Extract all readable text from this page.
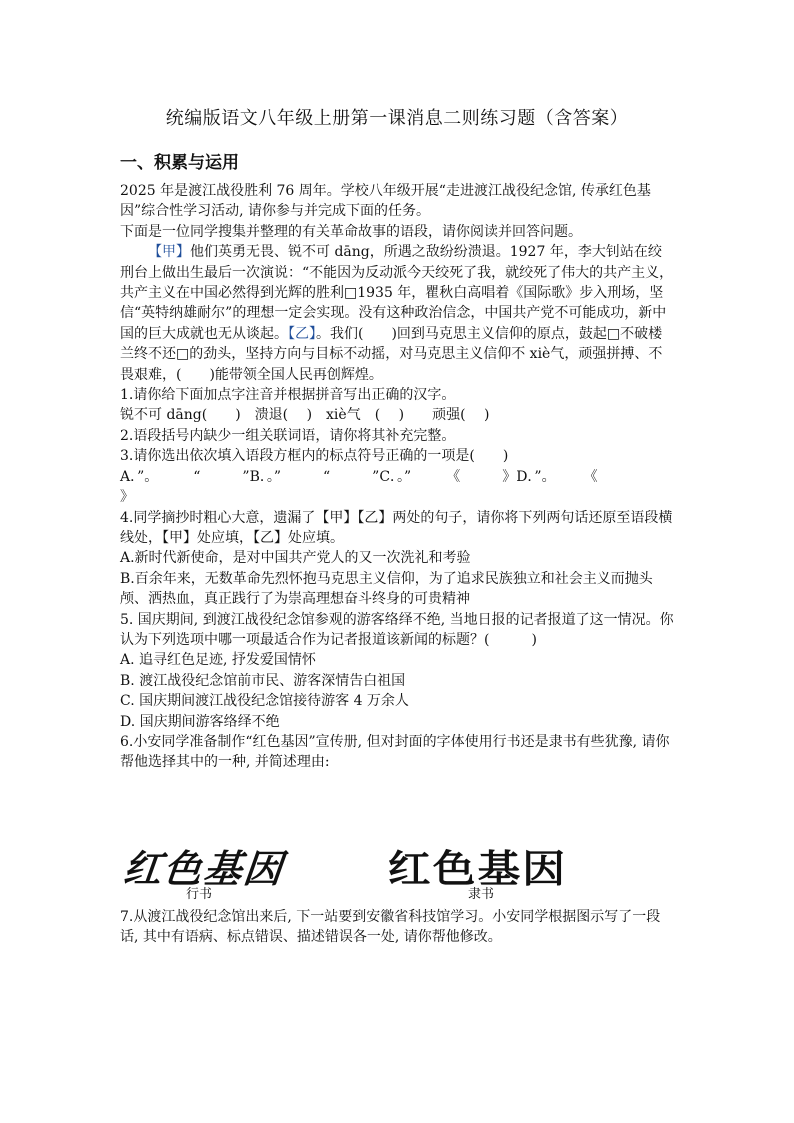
统编版语文八年级上册第一课消息二则练习题（含答案）
一、积累与运用

2025 年是渡江战役胜利 76 周年。学校八年级开展“走进渡江战役纪念馆, 传承红色基因”综合性学习活动, 请你参与并完成下面的任务。

下面是一位同学搜集并整理的有关革命故事的语段，请你阅读并回答问题。

【甲】他们英勇无畏、锐不可 dāng，所遇之敌纷纷溃退。1927 年，李大钊站在绞刑台上做出生最后一次演说：“不能因为反动派今天绞死了我，就绞死了伟大的共产主义，共产主义在中国必然得到光辉的胜利□1935 年，瞿秋白高唱着《国际歌》步入刑场，坚信“英特纳雄耐尔”的理想一定会实现。没有这种政治信念，中国共产党不可能成功，新中国的巨大成就也无从谈起。【乙】。我们(　　)回到马克思主义信仰的原点，鼓起□不破楼兰终不还□的劲头，坚持方向与目标不动摇，对马克思主义信仰不 xiè气，顽强拼搏、不畏艰难，(　　)能带领全国人民再创辉煌。

1.请你给下面加点字注音并根据拼音写出正确的汉字。

锐不可 dāng(　　)　溃退(　 )　xiè气　(　 )　　顽强(　 )

2.语段括号内缺少一组关联词语，请你将其补充完整。

3.请你选出依次填入语段方框内的标点符号正确的一项是(　　)

A．”。　　　“　　　”B．。”　　　“　　　”C．。”　　　《　　　》D．”。　　　《

》

4.同学摘抄时粗心大意，遗漏了【甲】【乙】两处的句子，请你将下列两句话还原至语段横线处，【甲】处应填，【乙】处应填。

A.新时代新使命，是对中国共产党人的又一次洗礼和考验

B.百余年来，无数革命先烈怀抱马克思主义信仰，为了追求民族独立和社会主义而抛头颅、洒热血，真正践行了为崇高理想奋斗终身的可贵精神

5. 国庆期间, 到渡江战役纪念馆参观的游客络绎不绝, 当地日报的记者报道了这一情况。你认为下列选项中哪一项最适合作为记者报道该新闻的标题？(　　　)

A. 追寻红色足迹, 抒发爱国情怀

B. 渡江战役纪念馆前市民、游客深情告白祖国

C. 国庆期间渡江战役纪念馆接待游客 4 万余人

D. 国庆期间游客络绎不绝

6.小安同学准备制作“红色基因”宣传册, 但对封面的字体使用行书还是隶书有些犹豫, 请你帮他选择其中的一种, 并简述理由:

红色基因	红色基因
行书	隶书

7.从渡江战役纪念馆出来后, 下一站要到安徽省科技馆学习。小安同学根据图示写了一段话, 其中有语病、标点错误、描述错误各一处, 请你帮他修改。
